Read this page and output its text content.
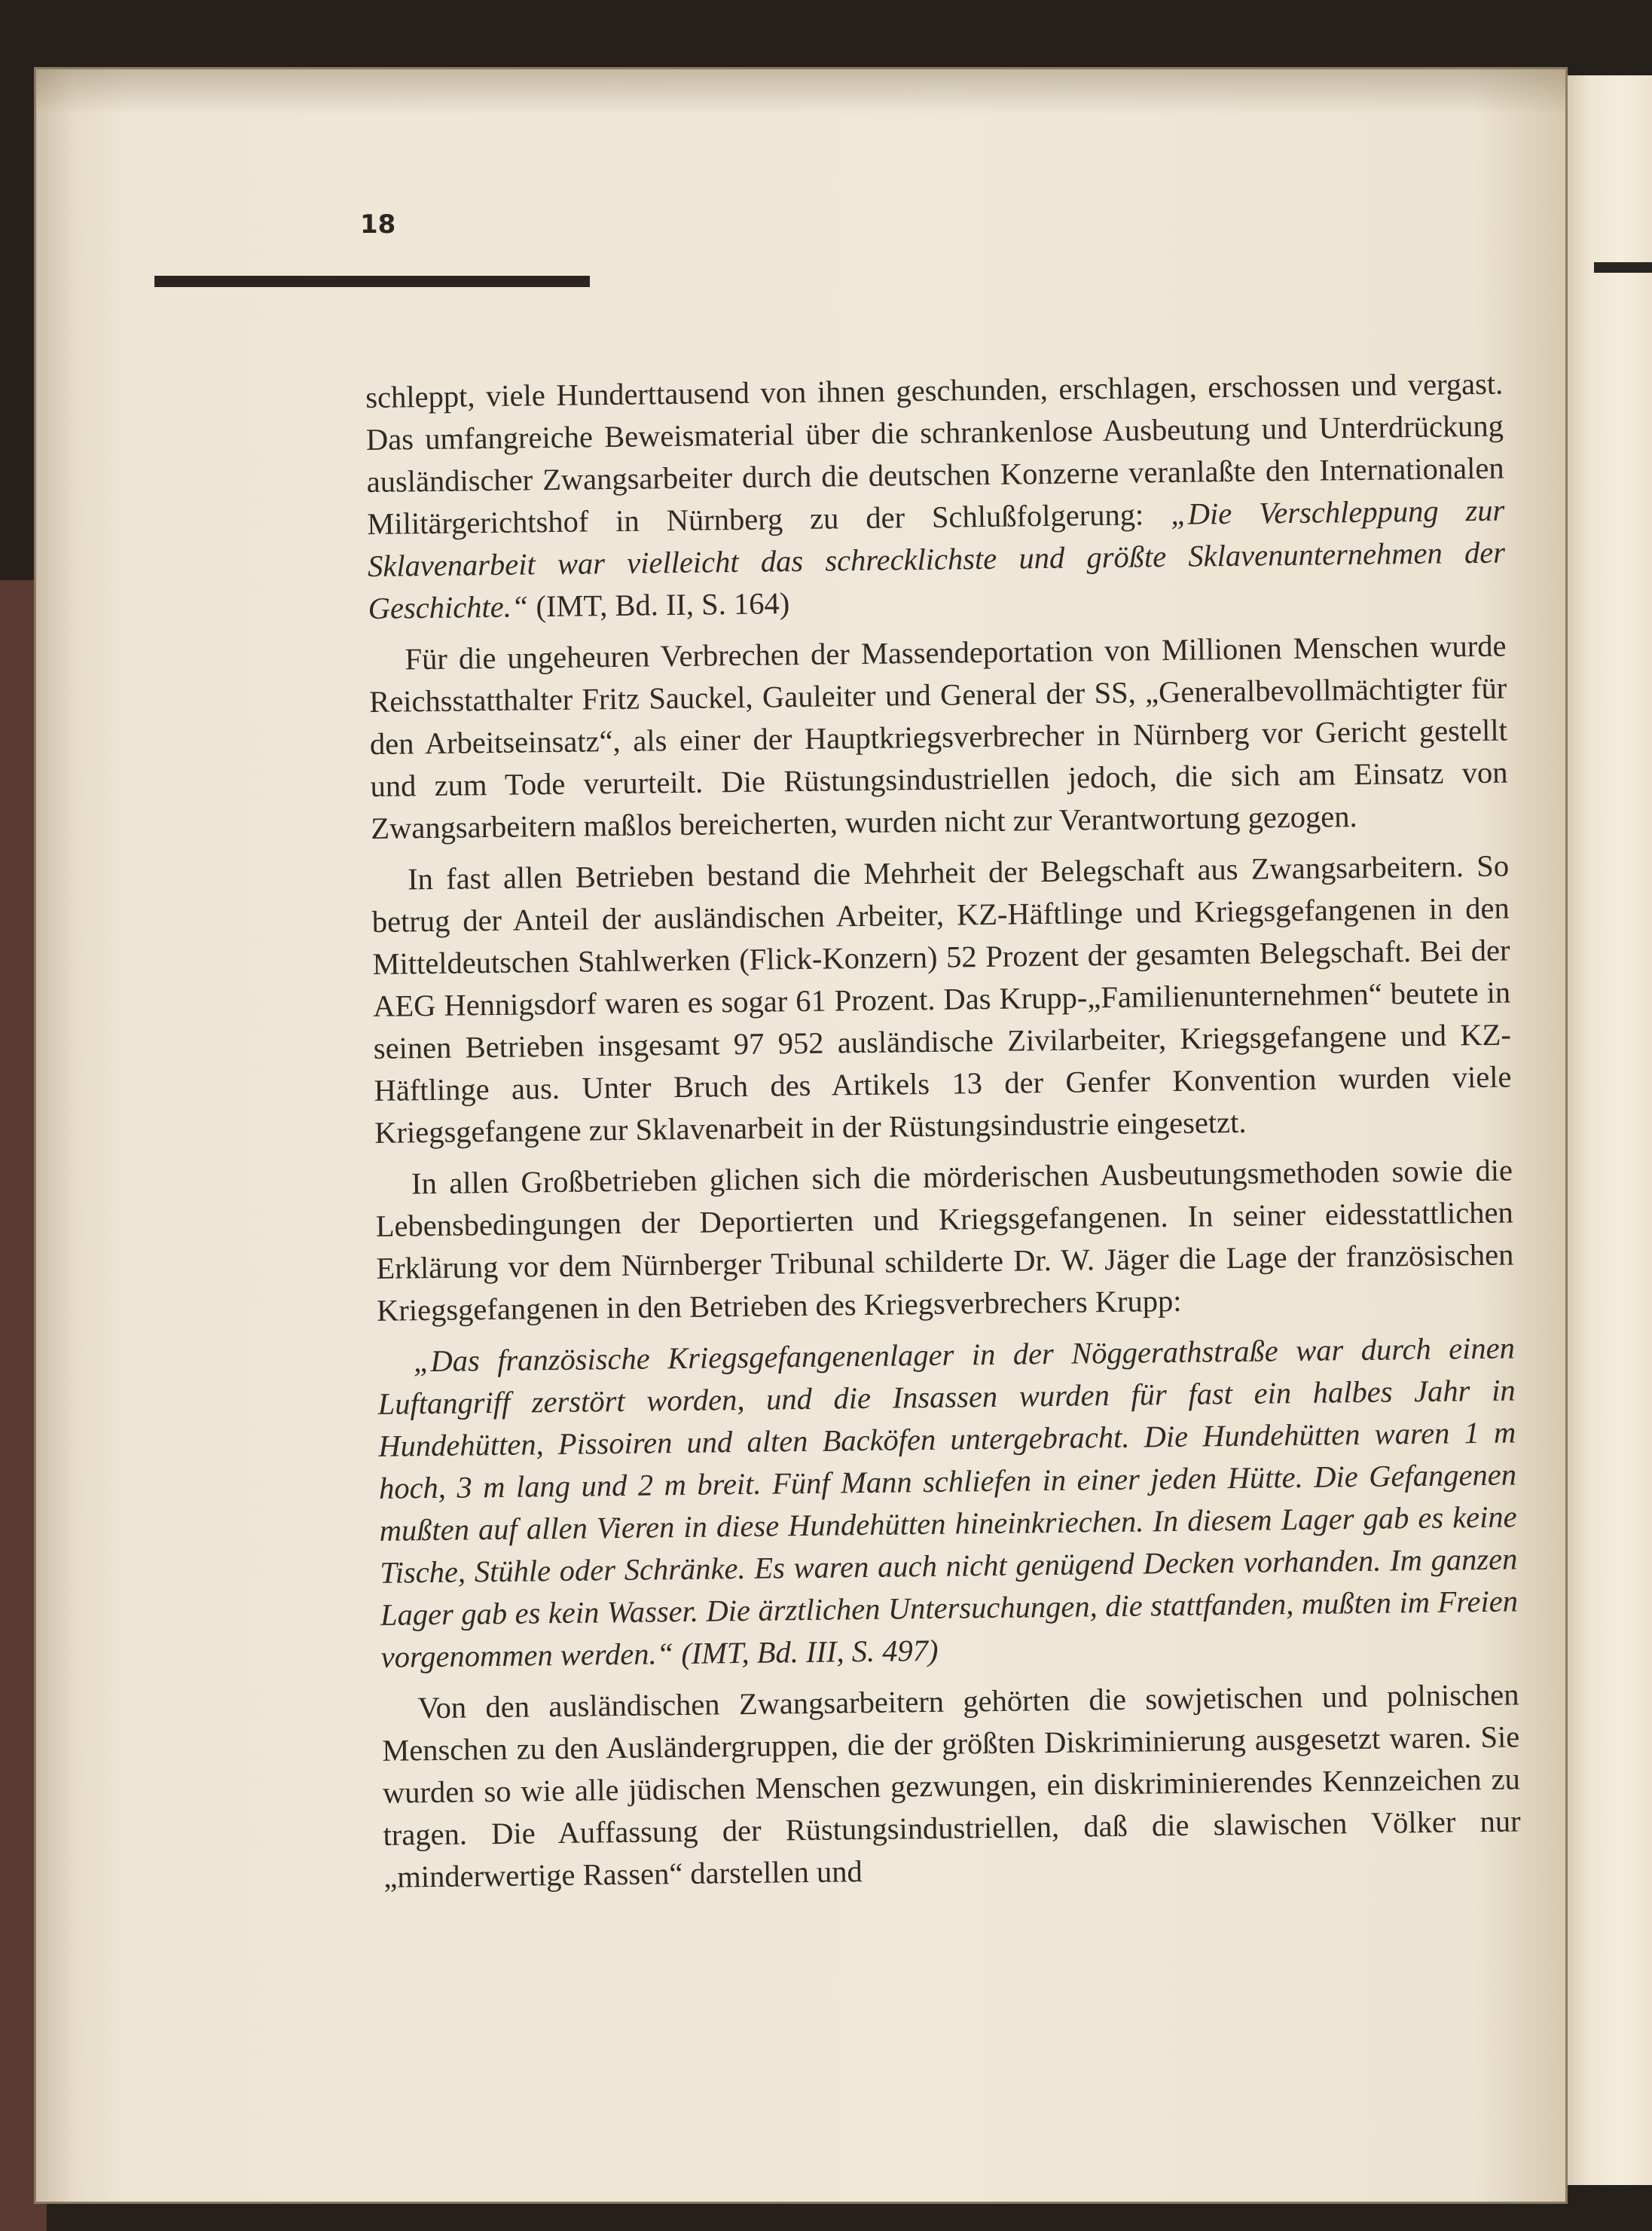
18

schleppt, viele Hunderttausend von ihnen geschunden, erschlagen, erschossen und vergast. Das umfangreiche Beweismaterial über die schrankenlose Ausbeutung und Unterdrückung ausländischer Zwangsarbeiter durch die deutschen Konzerne veranlaßte den Internationalen Militärgerichtshof in Nürnberg zu der Schlußfolgerung: „Die Verschleppung zur Sklavenarbeit war vielleicht das schrecklichste und größte Sklavenunternehmen der Geschichte.“ (IMT, Bd. II, S. 164)

Für die ungeheuren Verbrechen der Massendeportation von Millionen Menschen wurde Reichsstatthalter Fritz Sauckel, Gauleiter und General der SS, „Generalbevollmächtigter für den Arbeitseinsatz“, als einer der Hauptkriegsverbrecher in Nürnberg vor Gericht gestellt und zum Tode verurteilt. Die Rüstungsindustriellen jedoch, die sich am Einsatz von Zwangsarbeitern maßlos bereicherten, wurden nicht zur Verantwortung gezogen.

In fast allen Betrieben bestand die Mehrheit der Belegschaft aus Zwangsarbeitern. So betrug der Anteil der ausländischen Arbeiter, KZ-Häftlinge und Kriegsgefangenen in den Mitteldeutschen Stahlwerken (Flick-Konzern) 52 Prozent der gesamten Belegschaft. Bei der AEG Hennigsdorf waren es sogar 61 Prozent. Das Krupp-„Familienunternehmen“ beutete in seinen Betrieben insgesamt 97 952 ausländische Zivilarbeiter, Kriegsgefangene und KZ-Häftlinge aus. Unter Bruch des Artikels 13 der Genfer Konvention wurden viele Kriegsgefangene zur Sklavenarbeit in der Rüstungsindustrie eingesetzt.

In allen Großbetrieben glichen sich die mörderischen Ausbeutungsmethoden sowie die Lebensbedingungen der Deportierten und Kriegsgefangenen. In seiner eidesstattlichen Erklärung vor dem Nürnberger Tribunal schilderte Dr. W. Jäger die Lage der französischen Kriegsgefangenen in den Betrieben des Kriegsverbrechers Krupp:

„Das französische Kriegsgefangenenlager in der Nöggerathstraße war durch einen Luftangriff zerstört worden, und die Insassen wurden für fast ein halbes Jahr in Hundehütten, Pissoiren und alten Backöfen untergebracht. Die Hundehütten waren 1 m hoch, 3 m lang und 2 m breit. Fünf Mann schliefen in einer jeden Hütte. Die Gefangenen mußten auf allen Vieren in diese Hundehütten hineinkriechen. In diesem Lager gab es keine Tische, Stühle oder Schränke. Es waren auch nicht genügend Decken vorhanden. Im ganzen Lager gab es kein Wasser. Die ärztlichen Untersuchungen, die stattfanden, mußten im Freien vorgenommen werden.“ (IMT, Bd. III, S. 497)

Von den ausländischen Zwangsarbeitern gehörten die sowjetischen und polnischen Menschen zu den Ausländergruppen, die der größten Diskriminierung ausgesetzt waren. Sie wurden so wie alle jüdischen Menschen gezwungen, ein diskriminierendes Kennzeichen zu tragen. Die Auffassung der Rüstungsindustriellen, daß die slawischen Völker nur „minderwertige Rassen“ darstellen und
